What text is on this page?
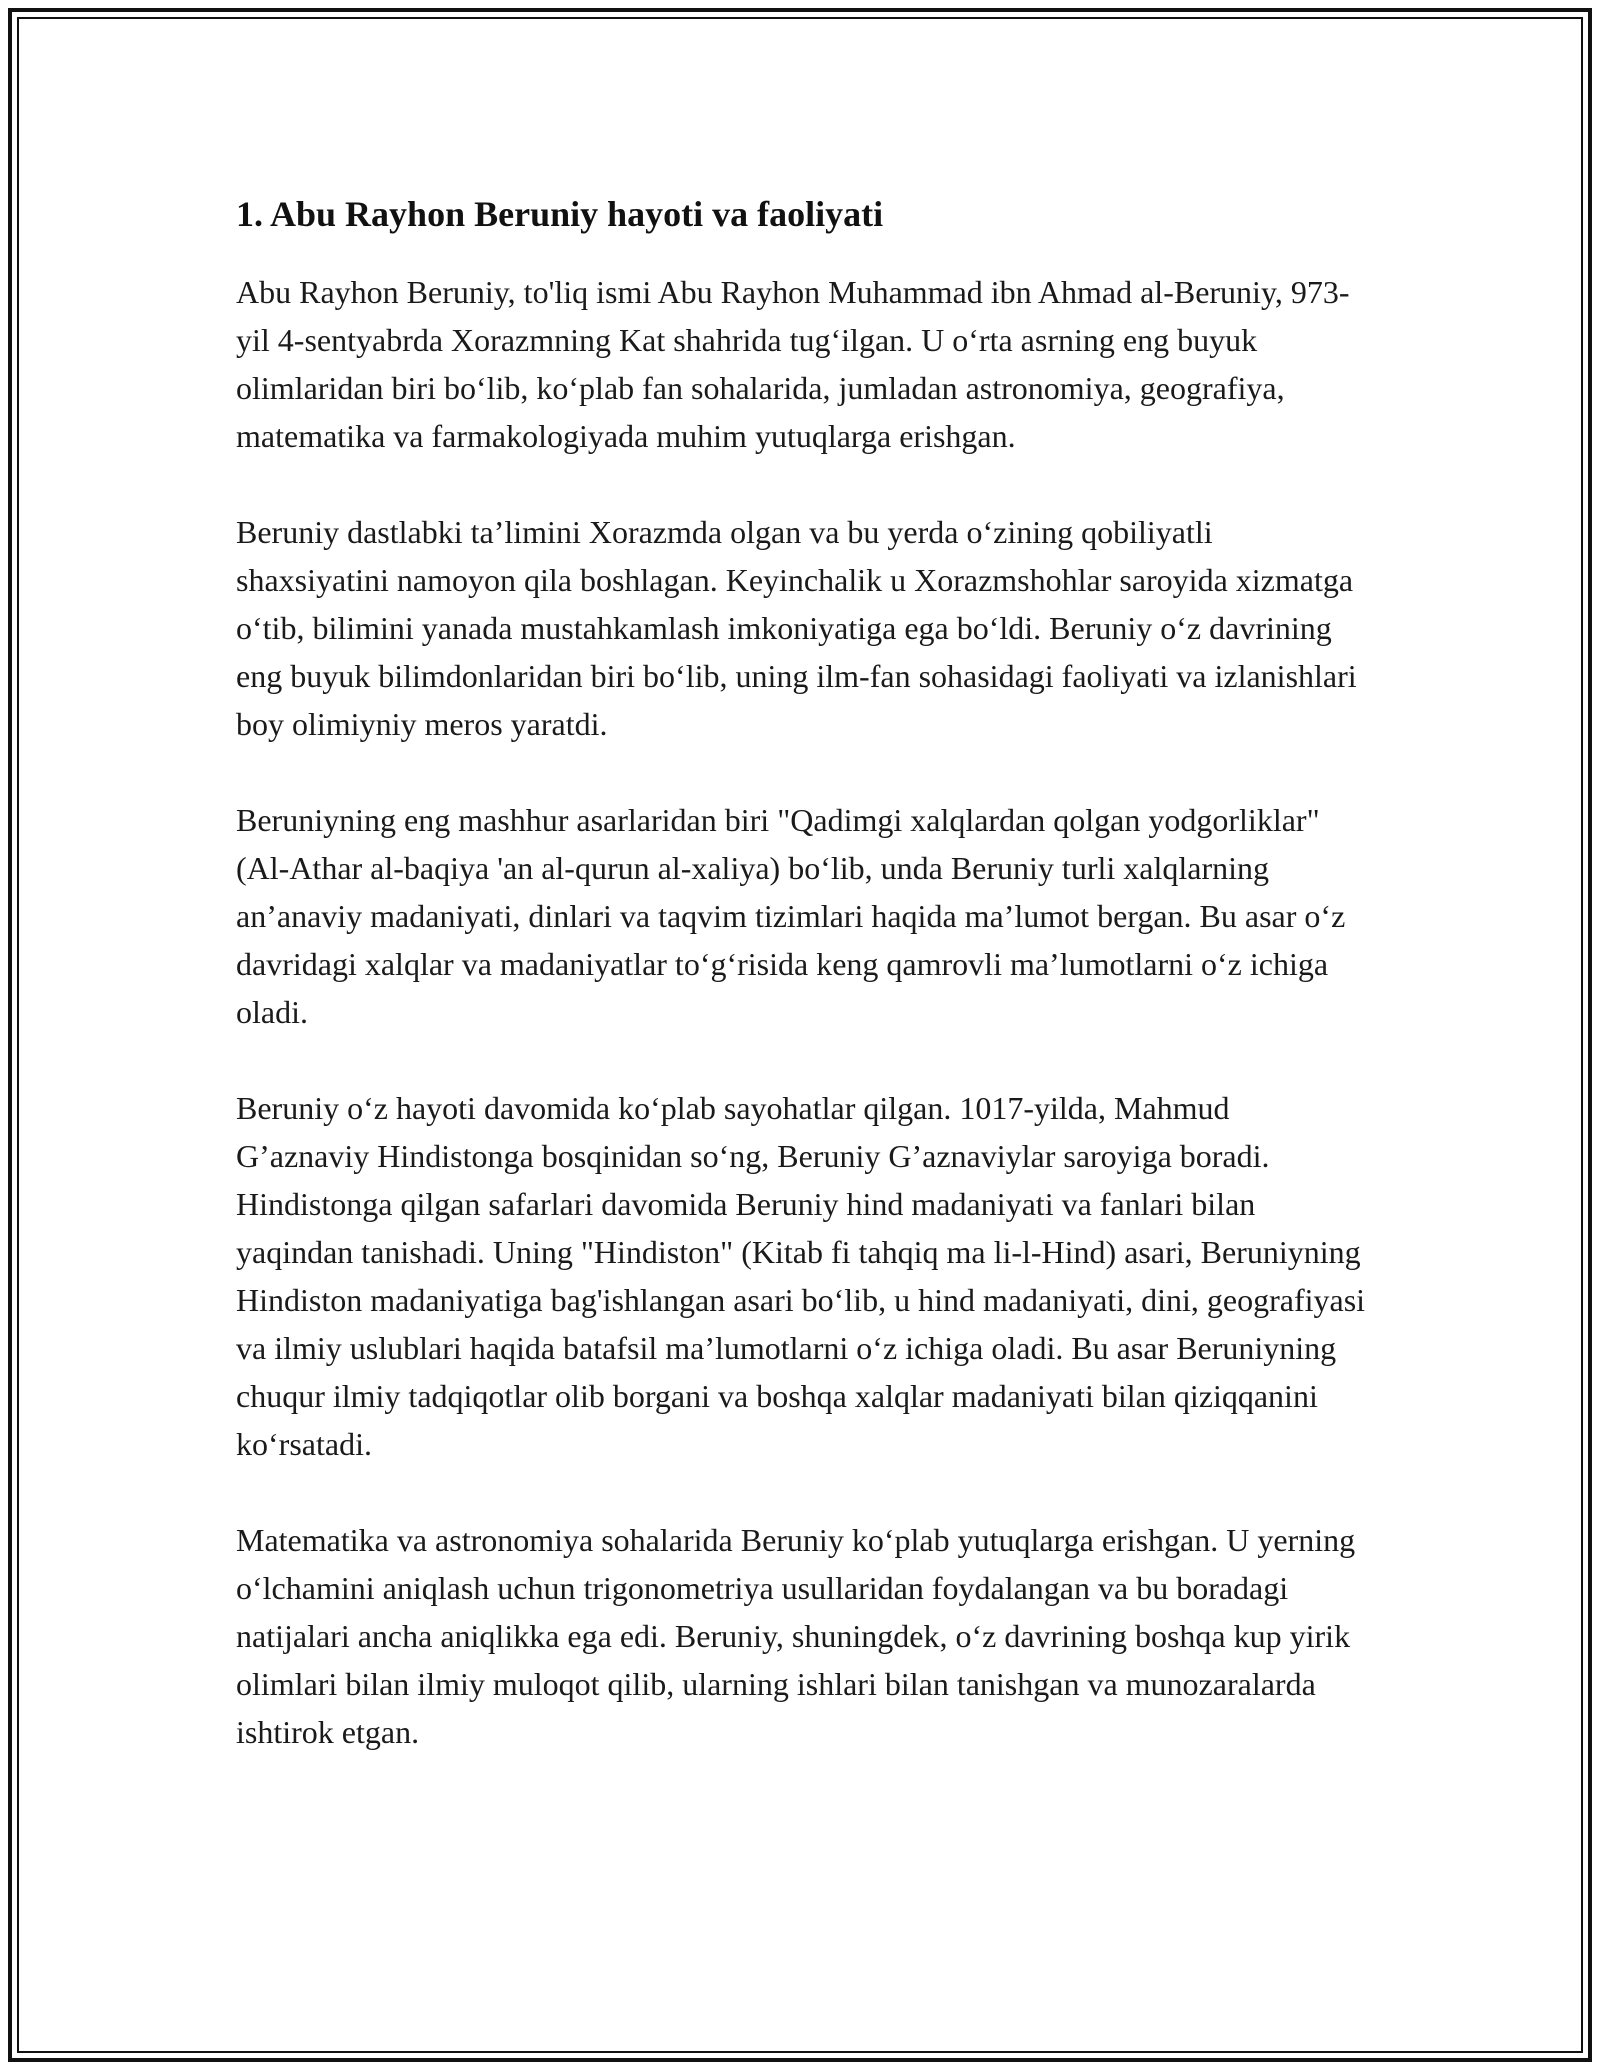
1. Abu Rayhon Beruniy hayoti va faoliyati

Abu Rayhon Beruniy, to'liq ismi Abu Rayhon Muhammad ibn Ahmad al-Beruniy, 973-yil 4-sentyabrda Xorazmning Kat shahrida tug‘ilgan. U o‘rta asrning eng buyuk olimlaridan biri bo‘lib, ko‘plab fan sohalarida, jumladan astronomiya, geografiya, matematika va farmakologiyada muhim yutuqlarga erishgan.

Beruniy dastlabki ta’limini Xorazmda olgan va bu yerda o‘zining qobiliyatli shaxsiyatini namoyon qila boshlagan. Keyinchalik u Xorazmshohlar saroyida xizmatga o‘tib, bilimini yanada mustahkamlash imkoniyatiga ega bo‘ldi. Beruniy o‘z davrining eng buyuk bilimdonlaridan biri bo‘lib, uning ilm-fan sohasidagi faoliyati va izlanishlari boy olimiyniy meros yaratdi.

Beruniyning eng mashhur asarlaridan biri "Qadimgi xalqlardan qolgan yodgorliklar" (Al-Athar al-baqiya 'an al-qurun al-xaliya) bo‘lib, unda Beruniy turli xalqlarning an’anaviy madaniyati, dinlari va taqvim tizimlari haqida ma’lumot bergan. Bu asar o‘z davridagi xalqlar va madaniyatlar to‘g‘risida keng qamrovli ma’lumotlarni o‘z ichiga oladi.

Beruniy o‘z hayoti davomida ko‘plab sayohatlar qilgan. 1017-yilda, Mahmud G’aznaviy Hindistonga bosqinidan so‘ng, Beruniy G’aznaviylar saroyiga boradi. Hindistonga qilgan safarlari davomida Beruniy hind madaniyati va fanlari bilan yaqindan tanishadi. Uning "Hindiston" (Kitab fi tahqiq ma li-l-Hind) asari, Beruniyning Hindiston madaniyatiga bag'ishlangan asari bo‘lib, u hind madaniyati, dini, geografiyasi va ilmiy uslublari haqida batafsil ma’lumotlarni o‘z ichiga oladi. Bu asar Beruniyning chuqur ilmiy tadqiqotlar olib borgani va boshqa xalqlar madaniyati bilan qiziqqanini ko‘rsatadi.

Matematika va astronomiya sohalarida Beruniy ko‘plab yutuqlarga erishgan. U yerning o‘lchamini aniqlash uchun trigonometriya usullaridan foydalangan va bu boradagi natijalari ancha aniqlikka ega edi. Beruniy, shuningdek, o‘z davrining boshqa kup yirik olimlari bilan ilmiy muloqot qilib, ularning ishlari bilan tanishgan va munozaralarda ishtirok etgan.
